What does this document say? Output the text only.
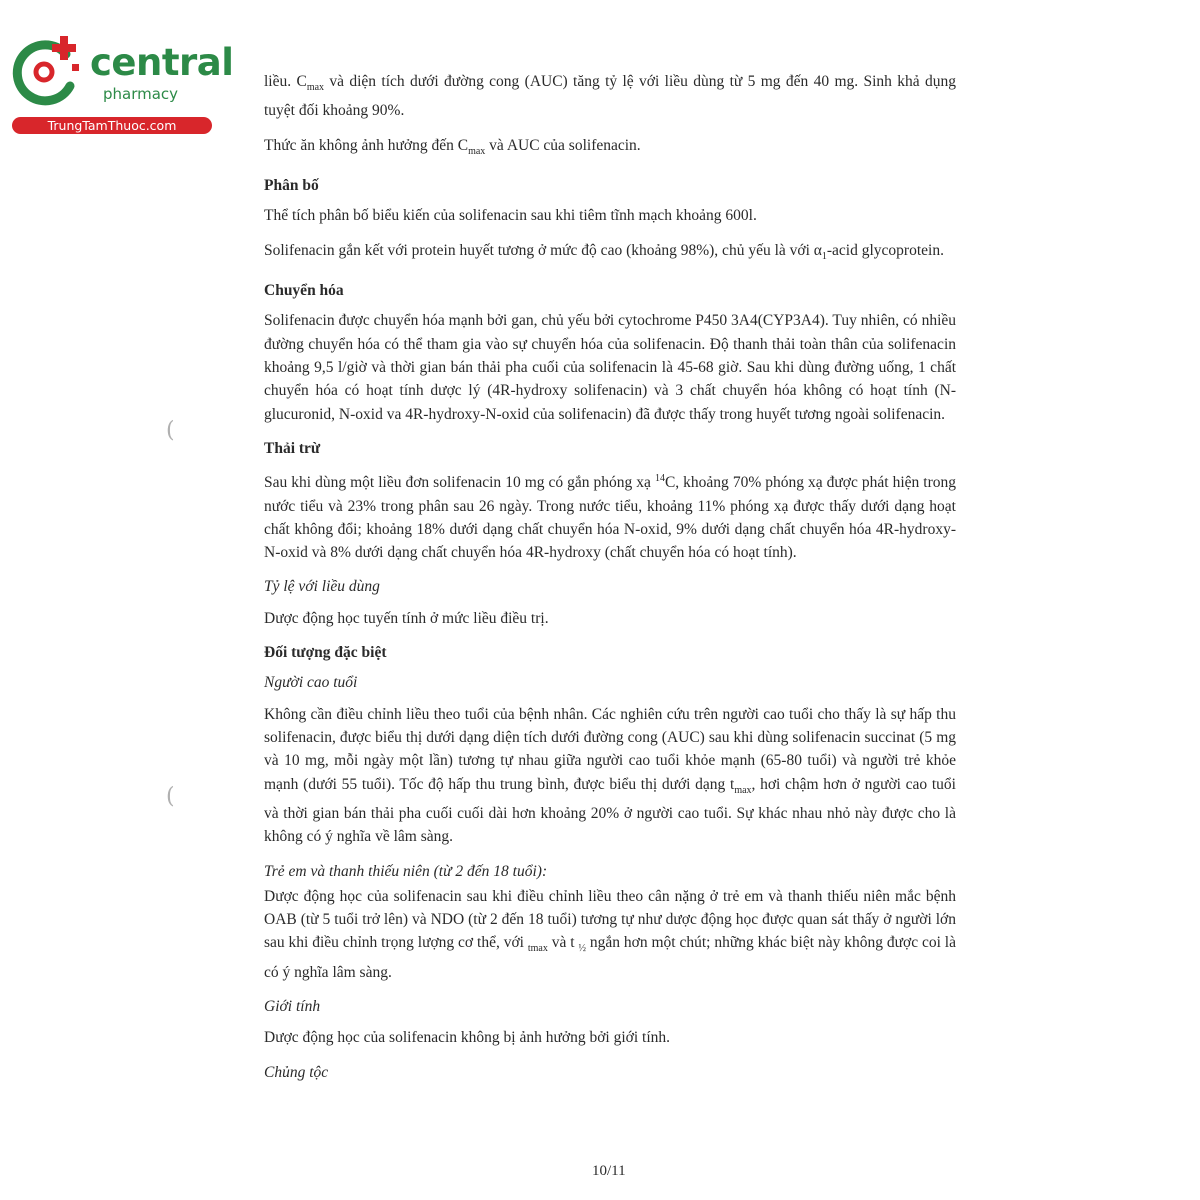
central
pharmacy
TrungTamThuoc.com
(
(

liều. $C_{max}$ và diện tích dưới đường cong (AUC) tăng tỷ lệ với liều dùng từ 5 mg đến 40 mg. Sinh khả dụng tuyệt đối khoảng 90%.

Thức ăn không ảnh hưởng đến $C_{max}$ và AUC của solifenacin.

Phân bố

Thể tích phân bố biểu kiến của solifenacin sau khi tiêm tĩnh mạch khoảng 600l.

Solifenacin gắn kết với protein huyết tương ở mức độ cao (khoảng 98%), chủ yếu là với $\alpha_1$-acid glycoprotein.

Chuyển hóa

Solifenacin được chuyển hóa mạnh bởi gan, chủ yếu bởi cytochrome P450 3A4(CYP3A4). Tuy nhiên, có nhiều đường chuyển hóa có thể tham gia vào sự chuyển hóa của solifenacin. Độ thanh thải toàn thân của solifenacin khoảng 9,5 l/giờ và thời gian bán thải pha cuối của solifenacin là 45-68 giờ. Sau khi dùng đường uống, 1 chất chuyển hóa có hoạt tính dược lý (4R-hydroxy solifenacin) và 3 chất chuyển hóa không có hoạt tính (N-glucuronid, N-oxid va 4R-hydroxy-N-oxid của solifenacin) đã được thấy trong huyết tương ngoài solifenacin.

Thải trừ

Sau khi dùng một liều đơn solifenacin 10 mg có gắn phóng xạ $^{14}$C, khoảng 70% phóng xạ được phát hiện trong nước tiểu và 23% trong phân sau 26 ngày. Trong nước tiểu, khoảng 11% phóng xạ được thấy dưới dạng hoạt chất không đổi; khoảng 18% dưới dạng chất chuyển hóa N-oxid, 9% dưới dạng chất chuyển hóa 4R-hydroxy-N-oxid và 8% dưới dạng chất chuyển hóa 4R-hydroxy (chất chuyển hóa có hoạt tính).

Tỷ lệ với liều dùng

Dược động học tuyến tính ở mức liều điều trị.

Đối tượng đặc biệt

Người cao tuổi

Không cần điều chỉnh liều theo tuổi của bệnh nhân. Các nghiên cứu trên người cao tuổi cho thấy là sự hấp thu solifenacin, được biểu thị dưới dạng diện tích dưới đường cong (AUC) sau khi dùng solifenacin succinat (5 mg và 10 mg, mỗi ngày một lần) tương tự nhau giữa người cao tuổi khỏe mạnh (65-80 tuổi) và người trẻ khỏe mạnh (dưới 55 tuổi). Tốc độ hấp thu trung bình, được biểu thị dưới dạng $t_{max}$, hơi chậm hơn ở người cao tuổi và thời gian bán thải pha cuối cuối dài hơn khoảng 20% ở người cao tuổi. Sự khác nhau nhỏ này được cho là không có ý nghĩa về lâm sàng.

Trẻ em và thanh thiếu niên (từ 2 đến 18 tuổi):

Dược động học của solifenacin sau khi điều chỉnh liều theo cân nặng ở trẻ em và thanh thiếu niên mắc bệnh OAB (từ 5 tuổi trở lên) và NDO (từ 2 đến 18 tuổi) tương tự như dược động học được quan sát thấy ở người lớn sau khi điều chỉnh trọng lượng cơ thể, với $_{tmax}$ và t $_{\frac{1}{2}}$ ngắn hơn một chút; những khác biệt này không được coi là có ý nghĩa lâm sàng.

Giới tính

Dược động học của solifenacin không bị ảnh hưởng bởi giới tính.

Chủng tộc

10/11
